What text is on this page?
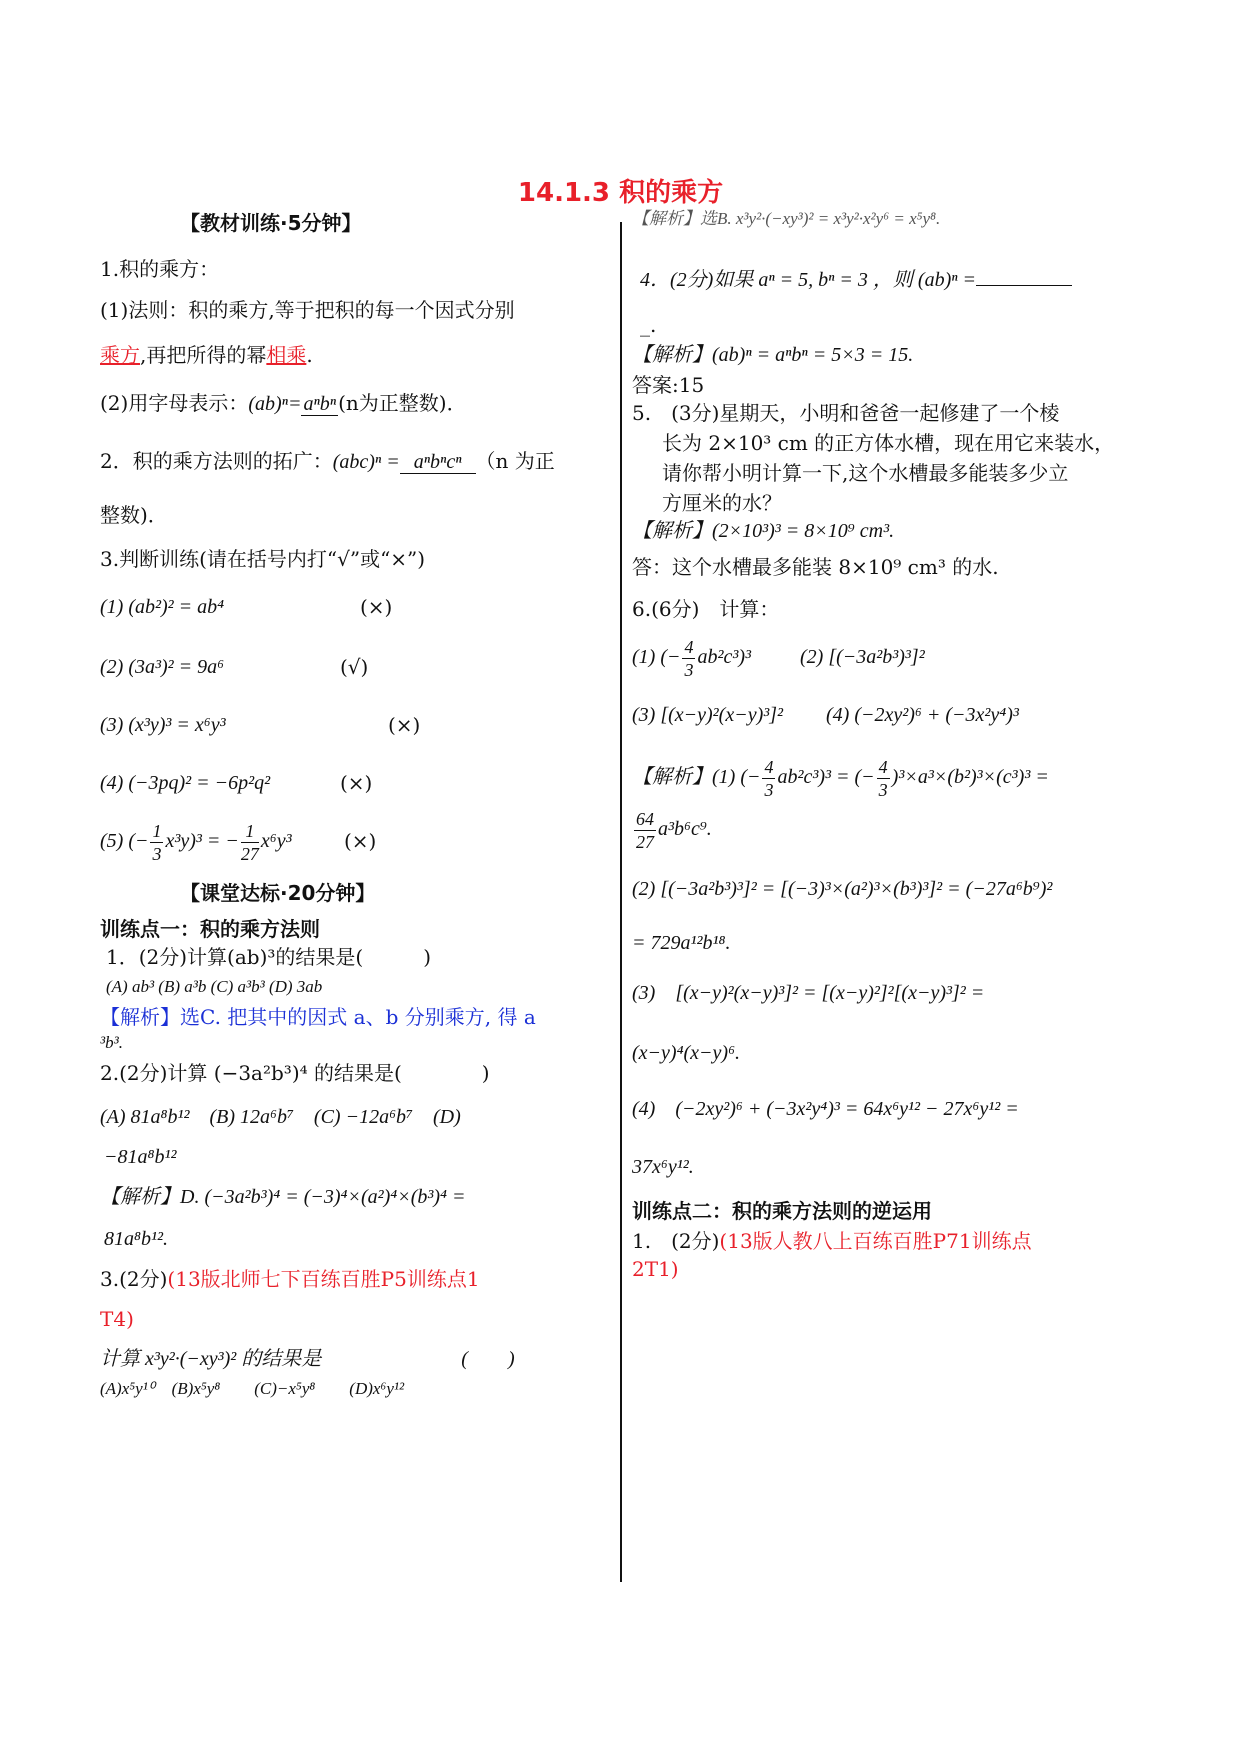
14.1.3 积的乘方
【教材训练·5分钟】
1.积的乘方：
(1)法则：积的乘方,等于把积的每一个因式分别
乘方,再把所得的幂相乘.
(2)用字母表示：(ab)ⁿ= aⁿbⁿ (n为正整数)．
2．积的乘方法则的拓广：(abc)ⁿ = aⁿbⁿcⁿ （n 为正
整数)．
3.判断训练(请在括号内打“√”或“×”)
(1) (ab²)² = ab⁴	(×)
(2) (3a³)² = 9a⁶	(√)
(3) (x³y)³ = x⁶y³	(×)
(4) (−3pq)² = −6p²q²	(×)
(5) (− $\frac{1}{3} x^3y)^3$ = − $\frac{1}{27} x^6y^3$	(×)
【课堂达标·20分钟】
训练点一：积的乘方法则
1．(2分)计算(ab)³的结果是(　　　)
(A) ab³ (B) a³b (C) a³b³ (D) 3ab
【解析】选C. 把其中的因式 a、b 分别乘方, 得 a
³b³.
2.(2分)计算 (−3a²b³)⁴ 的结果是(　　　　)
(A) 81a⁸b¹²　(B) 12a⁶b⁷　(C) −12a⁶b⁷　(D)
−81a⁸b¹²
【解析】D. (−3a²b³)⁴ = (−3)⁴×(a²)⁴×(b³)⁴ =
81a⁸b¹².
3.(2分)(13版北师七下百练百胜P5训练点1
T4)
计算 x³y²·(−xy³)² 的结果是　　　　　　　(　　)
(A)x⁵y¹⁰　(B)x⁵y⁸　　(C)−x⁵y⁸　　(D)x⁶y¹²
【解析】选B. x³y²·(−xy³)² = x³y²·x²y⁶ = x⁵y⁸.
4．(2分)如果 aⁿ = 5, bⁿ = 3 ，则 (ab)ⁿ =
_.
【解析】(ab)ⁿ = aⁿbⁿ = 5×3 = 15.
答案:15
5.　(3分)星期天，小明和爸爸一起修建了一个棱
长为 2×10³ cm 的正方体水槽，现在用它来装水，
请你帮小明计算一下,这个水槽最多能装多少立
方厘米的水？
【解析】(2×10³)³ = 8×10⁹ cm³.
答：这个水槽最多能装 8×10⁹ cm³ 的水.
6.(6分)　计算：
(1) (− $\frac{4}{3} ab^2c^3)^3$ (2) [(−3a²b³)³]²
(3) [(x−y)²(x−y)³]² (4) (−2xy²)⁶ + (−3x²y⁴)³
【解析】(1) (− $\frac{4}{3} ab^2c^3)^3$ = (− $\frac{4}{3} )^3\times a^3\times(b^2)^3\times(c^3)^3$ =
$\frac{64}{27} a^3b^6c^9$.
(2) [(−3a²b³)³]² = [(−3)³×(a²)³×(b³)³]² = (−27a⁶b⁹)²
= 729a¹²b¹⁸.
(3)　[(x−y)²(x−y)³]² = [(x−y)²]²[(x−y)³]² =
(x−y)⁴(x−y)⁶.
(4)　(−2xy²)⁶ + (−3x²y⁴)³ = 64x⁶y¹² − 27x⁶y¹² =
37x⁶y¹².
训练点二：积的乘方法则的逆运用
1.　(2分)(13版人教八上百练百胜P71训练点
2T1)
